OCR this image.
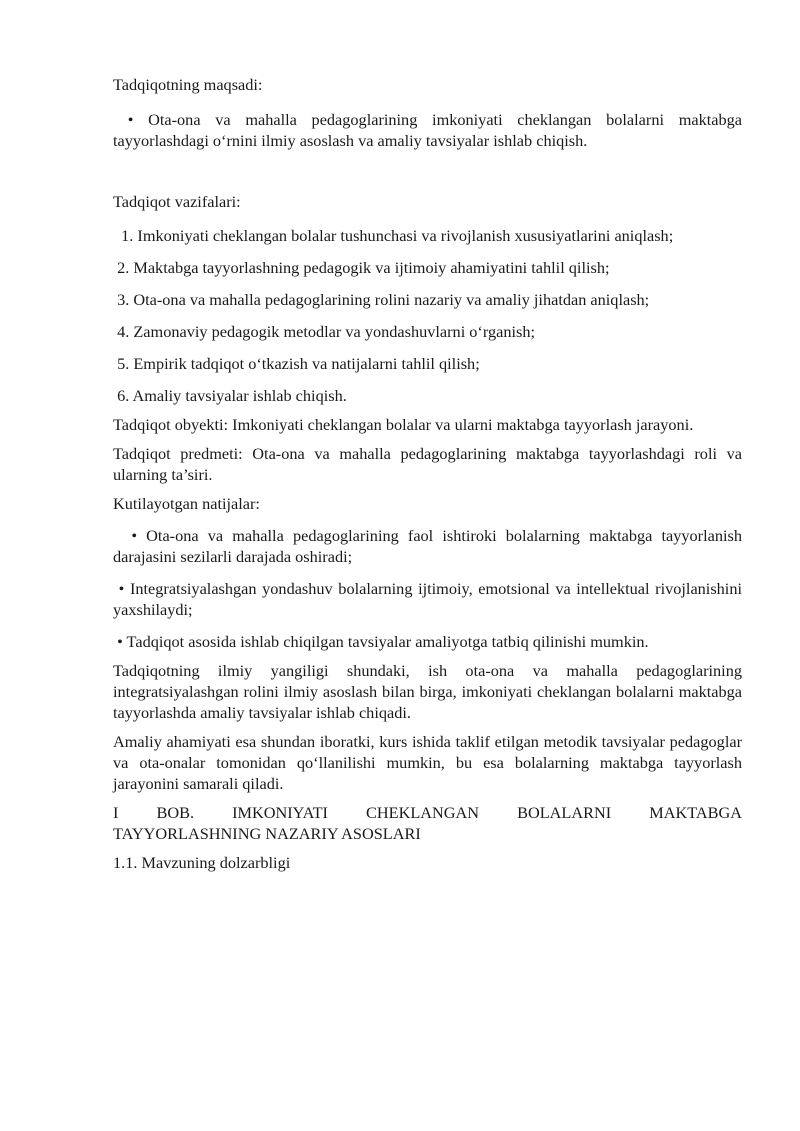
Tadqiqotning maqsadi:

• Ota-ona va mahalla pedagoglarining imkoniyati cheklangan bolalarni maktabga tayyorlashdagi o‘rnini ilmiy asoslash va amaliy tavsiyalar ishlab chiqish.

Tadqiqot vazifalari:

1. Imkoniyati cheklangan bolalar tushunchasi va rivojlanish xususiyatlarini aniqlash;

2. Maktabga tayyorlashning pedagogik va ijtimoiy ahamiyatini tahlil qilish;

3. Ota-ona va mahalla pedagoglarining rolini nazariy va amaliy jihatdan aniqlash;

4. Zamonaviy pedagogik metodlar va yondashuvlarni o‘rganish;

5. Empirik tadqiqot o‘tkazish va natijalarni tahlil qilish;

6. Amaliy tavsiyalar ishlab chiqish.

Tadqiqot obyekti: Imkoniyati cheklangan bolalar va ularni maktabga tayyorlash jarayoni.

Tadqiqot predmeti: Ota-ona va mahalla pedagoglarining maktabga tayyorlashdagi roli va ularning ta’siri.

Kutilayotgan natijalar:

• Ota-ona va mahalla pedagoglarining faol ishtiroki bolalarning maktabga tayyorlanish darajasini sezilarli darajada oshiradi;

• Integratsiyalashgan yondashuv bolalarning ijtimoiy, emotsional va intellektual rivojlanishini yaxshilaydi;

• Tadqiqot asosida ishlab chiqilgan tavsiyalar amaliyotga tatbiq qilinishi mumkin.

Tadqiqotning ilmiy yangiligi shundaki, ish ota-ona va mahalla pedagoglarining integratsiyalashgan rolini ilmiy asoslash bilan birga, imkoniyati cheklangan bolalarni maktabga tayyorlashda amaliy tavsiyalar ishlab chiqadi.

Amaliy ahamiyati esa shundan iboratki, kurs ishida taklif etilgan metodik tavsiyalar pedagoglar va ota-onalar tomonidan qo‘llanilishi mumkin, bu esa bolalarning maktabga tayyorlash jarayonini samarali qiladi.

I BOB. IMKONIYATI CHEKLANGAN BOLALARNI MAKTABGA
TAYYORLASHNING NAZARIY ASOSLARI

1.1. Mavzuning dolzarbligi
